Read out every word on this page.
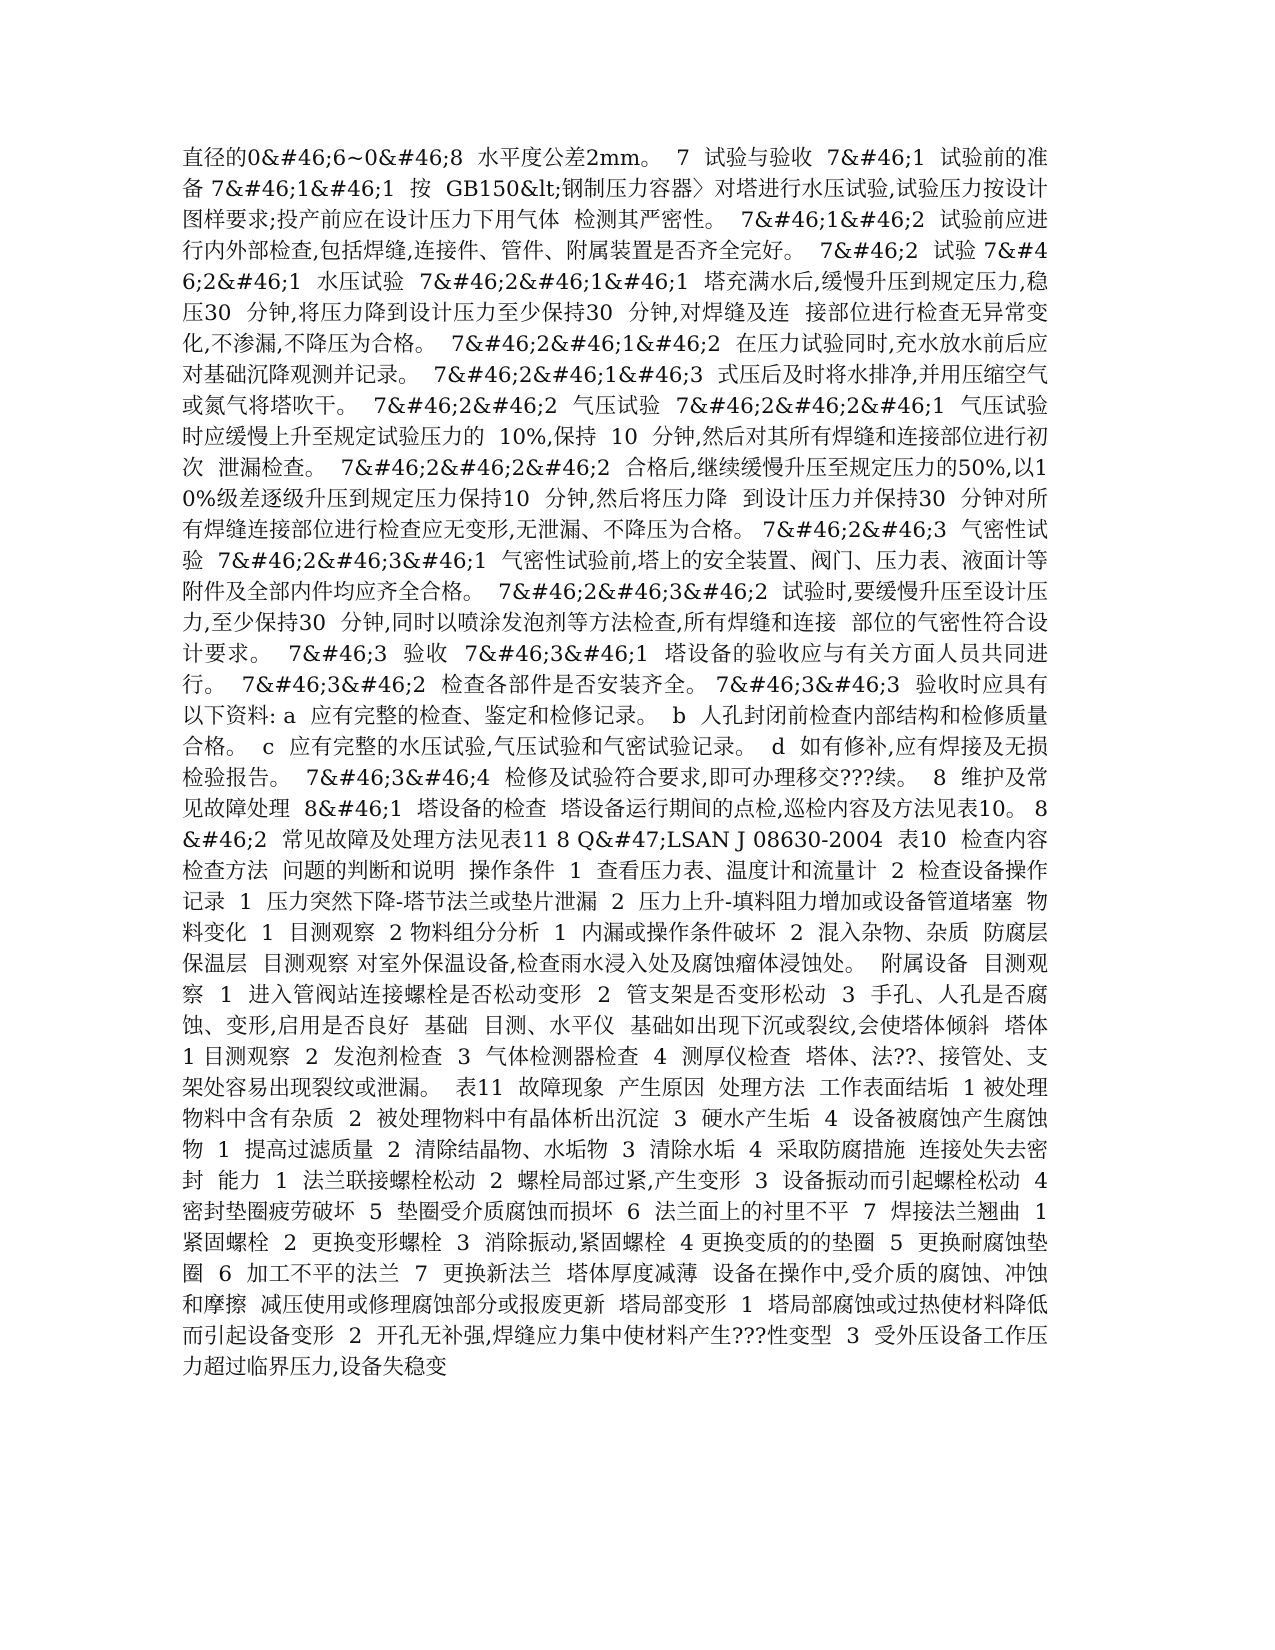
直径的0&#46;6~0&#46;8  水平度公差2mm。  7  试验与验收  7&#46;1  试验前的准备 7&#46;1&#46;1  按  GB150&lt;钢制压力容器〉对塔进行水压试验,试验压力按设计图样要求;投产前应在设计压力下用气体  检测其严密性。  7&#46;1&#46;2  试验前应进行内外部检查,包括焊缝,连接件、管件、附属装置是否齐全完好。  7&#46;2  试验 7&#46;2&#46;1  水压试验  7&#46;2&#46;1&#46;1  塔充满水后,缓慢升压到规定压力,稳压30  分钟,将压力降到设计压力至少保持30  分钟,对焊缝及连  接部位进行检查无异常变化,不渗漏,不降压为合格。  7&#46;2&#46;1&#46;2  在压力试验同时,充水放水前后应对基础沉降观测并记录。  7&#46;2&#46;1&#46;3  式压后及时将水排净,并用压缩空气或氮气将塔吹干。  7&#46;2&#46;2  气压试验  7&#46;2&#46;2&#46;1  气压试验时应缓慢上升至规定试验压力的  10%,保持  10  分钟,然后对其所有焊缝和连接部位进行初次  泄漏检查。  7&#46;2&#46;2&#46;2  合格后,继续缓慢升压至规定压力的50%,以10%级差逐级升压到规定压力保持10  分钟,然后将压力降  到设计压力并保持30  分钟对所有焊缝连接部位进行检查应无变形,无泄漏、不降压为合格。 7&#46;2&#46;3  气密性试验  7&#46;2&#46;3&#46;1  气密性试验前,塔上的安全装置、阀门、压力表、液面计等附件及全部内件均应齐全合格。  7&#46;2&#46;3&#46;2  试验时,要缓慢升压至设计压力,至少保持30  分钟,同时以喷涂发泡剂等方法检查,所有焊缝和连接  部位的气密性符合设计要求。  7&#46;3  验收  7&#46;3&#46;1  塔设备的验收应与有关方面人员共同进行。  7&#46;3&#46;2  检查各部件是否安装齐全。 7&#46;3&#46;3  验收时应具有以下资料: a  应有完整的检查、鉴定和检修记录。  b  人孔封闭前检查内部结构和检修质量合格。  c  应有完整的水压试验,气压试验和气密试验记录。  d  如有修补,应有焊接及无损检验报告。  7&#46;3&#46;4  检修及试验符合要求,即可办理移交???续。  8  维护及常见故障处理  8&#46;1  塔设备的检查  塔设备运行期间的点检,巡检内容及方法见表10。 8&#46;2  常见故障及处理方法见表11 8 Q&#47;LSAN J 08630-2004  表10  检查内容  检查方法  问题的判断和说明  操作条件  1  查看压力表、温度计和流量计  2  检查设备操作记录  1  压力突然下降-塔节法兰或垫片泄漏  2  压力上升-填料阻力增加或设备管道堵塞  物料变化  1  目测观察  2 物料组分分析  1  内漏或操作条件破坏  2  混入杂物、杂质  防腐层  保温层  目测观察 对室外保温设备,检查雨水浸入处及腐蚀瘤体浸蚀处。  附属设备  目测观察  1  进入管阀站连接螺栓是否松动变形  2  管支架是否变形松动  3  手孔、人孔是否腐蚀、变形,启用是否良好  基础  目测、水平仪  基础如出现下沉或裂纹,会使塔体倾斜  塔体  1 目测观察  2  发泡剂检查  3  气体检测器检查  4  测厚仪检查  塔体、法??、接管处、支架处容易出现裂纹或泄漏。  表11  故障现象  产生原因  处理方法  工作表面结垢  1 被处理物料中含有杂质  2  被处理物料中有晶体析出沉淀  3  硬水产生垢  4  设备被腐蚀产生腐蚀物  1  提高过滤质量  2  清除结晶物、水垢物  3  清除水垢  4  采取防腐措施  连接处失去密封  能力  1  法兰联接螺栓松动  2  螺栓局部过紧,产生变形  3  设备振动而引起螺栓松动  4  密封垫圈疲劳破坏  5  垫圈受介质腐蚀而损坏  6  法兰面上的衬里不平  7  焊接法兰翘曲  1  紧固螺栓  2  更换变形螺栓  3  消除振动,紧固螺栓  4 更换变质的的垫圈  5  更换耐腐蚀垫圈  6  加工不平的法兰  7  更换新法兰  塔体厚度减薄  设备在操作中,受介质的腐蚀、冲蚀和摩擦  减压使用或修理腐蚀部分或报废更新  塔局部变形  1  塔局部腐蚀或过热使材料降低而引起设备变形  2  开孔无补强,焊缝应力集中使材料产生???性变型  3  受外压设备工作压力超过临界压力,设备失稳变
